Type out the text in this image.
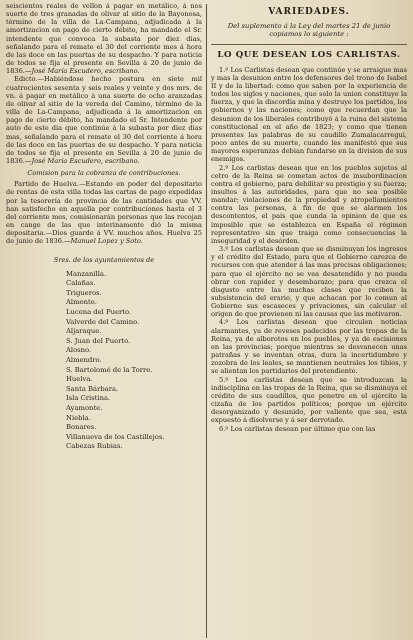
seiscientos reales de vellon á pagar en metálico, á nos suerte de tres granadas de olivar al sitio de la Bayonosa, término de la villa de La-Campana, adjudicada á la amortizacion en pago de cierto débito, ha mandado el Sr. intendente que convoca la subasta por diez dias, señalando para el remate el 30 del corriente mes á hora de las doce en las puertas de su despacho. Y para noticia de todos se fija el presente en Sevilla á 20 de junio de 1836.—José María Escudero, escribano.

Edicto.—Habiéndose hecho postura en siete mil cuatrocientos sesenta y seis reales y veinte y dos mrs. de vn. á pagar en metálico á una suerte de ocho aranzadas de olivar al sitio de la vereda del Camino, término de la villa de La-Campana, adjudicada á la amortizacion en pago de cierto débito, ha mandado el Sr. Intendente por auto de este dia que continúe á la subasta por diez dias mas, señalando para el remate el 30 del corriente á hora de las doce en las puertas de su despacho. Y para noticia de todos se fija el presente en Sevilla á 20 de junio de 1836.—José María Escudero, escribano.

Comision para la cobranza de contribuciones.

Partido de Huelva.—Estando en poder del depositario de rentas de esta villa todas las cartas de pago expedidas por la tesorería de provincia de las cantidades que VV. han satisfecho en aquella por contribuciones hasta el 3 del corriente mes, comisionarán personas que las recojan en cange de las que interinamente dió la misma depositaria.—Dios guarde á VV. muchos años. Huelva 25 de junio de 1836.—Manuel Lopez y Soto.

Sres. de los ayuntamientos de

Manzanilla.
Calañas.
Trigueros.
Almonte.
Lucena del Puerto.
Valverde del Camino.
Aljaraque.
S. Juan del Puerto.
Alosno.
Almendro.
S. Bartolomé de la Torre.
Huelva.
Santa Bárbara.
Isla Cristina.
Ayamonte.
Niebla.
Bonares.
Villanueva de los Castillejos.
Cabezas Rubias.
VARIEDADES.
Del suplemento á la Ley del martes 21 de junio copiamos lo siguiente :
LO QUE DESEAN LOS CARLISTAS.

1.º Los Carlistas desean que continúe y se arraigue mas y mas la desunion entre los defensores del trono de Isabel II y de la libertad: como que saben por la experiencia de todos los siglos y naciones, que solo la union constituye la fuerza, y que la discordia mina y destruye los partidos, los gobiernos y las naciones; como que recuerdan que la desunion de los liberales contribuyó á la ruina del sistema constitucional en el año de 1823; y como que tienen presentes las palabras de su caudillo Zumalacarregui, poco antes de su muerte, cuando les manifestó que sus mayores esperanzas debian fundarse en la division de sus enemigos.

2.º Los carlistas desean que en los pueblos sujetos al cetro de la Reina se cometan actos de insubordinacion contra el gobierno, para debilitar su prestigio y su fuerza; insultos á las autoridades, para que no sea posible mandar; violaciones de la propiedad y atropellamientos contra las personas, á fin de que se alarmen los descontentos, el país que cunda la opinion de que es imposible que se establezca en España el régimen representativo sin que traiga como consecuencias la inseguridad y el desórden.

3.º Los carlistas desean que se disminuyan los ingresos y el crédito del Estado, para que el Gobierno carezca de recursos con que atender á las mas precisas obligaciones; para que el ejército no se vea desatendido y no pueda obrar con rapidez y desembarazo; para que crezca el disgusto entre las muchas clases que reciben la subsistencia del erario, y que achacan por lo comun al Gobierno sus escaseces y privaciones, sin calcular el origen de que provienen ni las causas que las motivaron.

4.º Los carlistas desean que circulen noticias alarmantes, ya de reveses padecidos por las tropas de la Reina, ya de alborotos en los pueblos, y ya de escisiones en las provincias; porque mientras se desvanecen unas patrañas y se inventan otras, dura la incertidumbre y zozobra de los leales, se mantienen neutrales los tibios, y se alientan los partidarios del pretendiente.

5.º Los carlistas desean que se introduzcan la indisciplina en las tropas de la Reina, que se disminuya el crédito de sus caudillos, que penetre en el ejército la cizaña de los partidos políticos; porque un ejército desorganizado y desunido, por valiente que sea, está expuesto á disolverse y á ser derrotado.

6.º Los carlistas desean por último que con las
